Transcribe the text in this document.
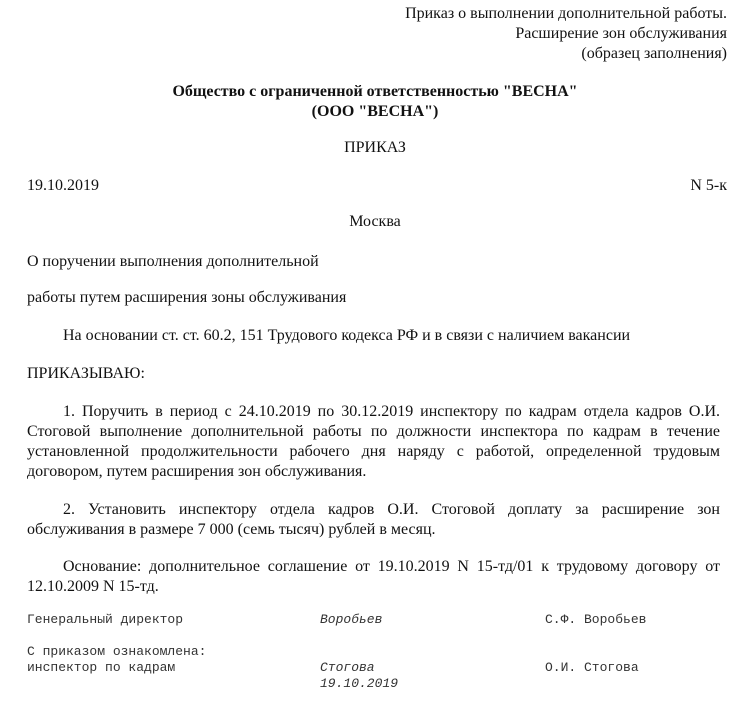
Приказ о выполнении дополнительной работы.
Расширение зон обслуживания
(образец заполнения)
Общество с ограниченной ответственностью "ВЕСНА"
(ООО "ВЕСНА")
ПРИКАЗ
19.10.2019	N 5-к
Москва
О поручении выполнения дополнительной
работы путем расширения зоны обслуживания
На основании ст. ст. 60.2, 151 Трудового кодекса РФ и в связи с наличием вакансии
ПРИКАЗЫВАЮ:
1. Поручить в период с 24.10.2019 по 30.12.2019 инспектору по кадрам отдела кадров О.И.
Стоговой выполнение дополнительной работы по должности инспектора по кадрам в течение
установленной продолжительности рабочего дня наряду с работой, определенной трудовым
договором, путем расширения зон обслуживания.
2. Установить инспектору отдела кадров О.И. Стоговой доплату за расширение зон
обслуживания в размере 7 000 (семь тысяч) рублей в месяц.
Основание: дополнительное соглашение от 19.10.2019 N 15-тд/01 к трудовому договору от
12.10.2009 N 15-тд.
Генеральный директор	Воробьев	С.Ф. Воробьев
С приказом ознакомлена:
инспектор по кадрам	Стогова	О.И. Стогова
19.10.2019
